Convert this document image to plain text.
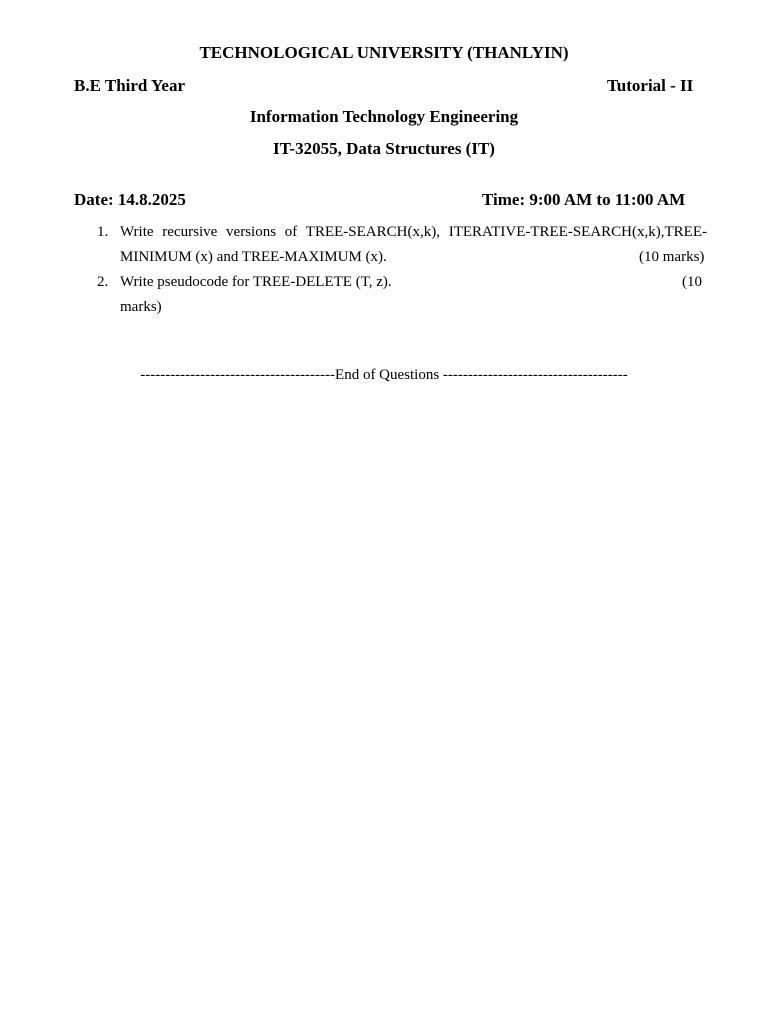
TECHNOLOGICAL UNIVERSITY (THANLYIN)
B.E Third Year	Tutorial - II
Information Technology Engineering
IT-32055, Data Structures (IT)
Date: 14.8.2025	Time: 9:00 AM to 11:00 AM
1. Write recursive versions of TREE-SEARCH(x,k), ITERATIVE-TREE-SEARCH(x,k),TREE-
MINIMUM (x) and TREE-MAXIMUM (x).	(10 marks)
2. Write pseudocode for TREE-DELETE (T, z).	(10
marks)
---------------------------------------End of Questions -------------------------------------
